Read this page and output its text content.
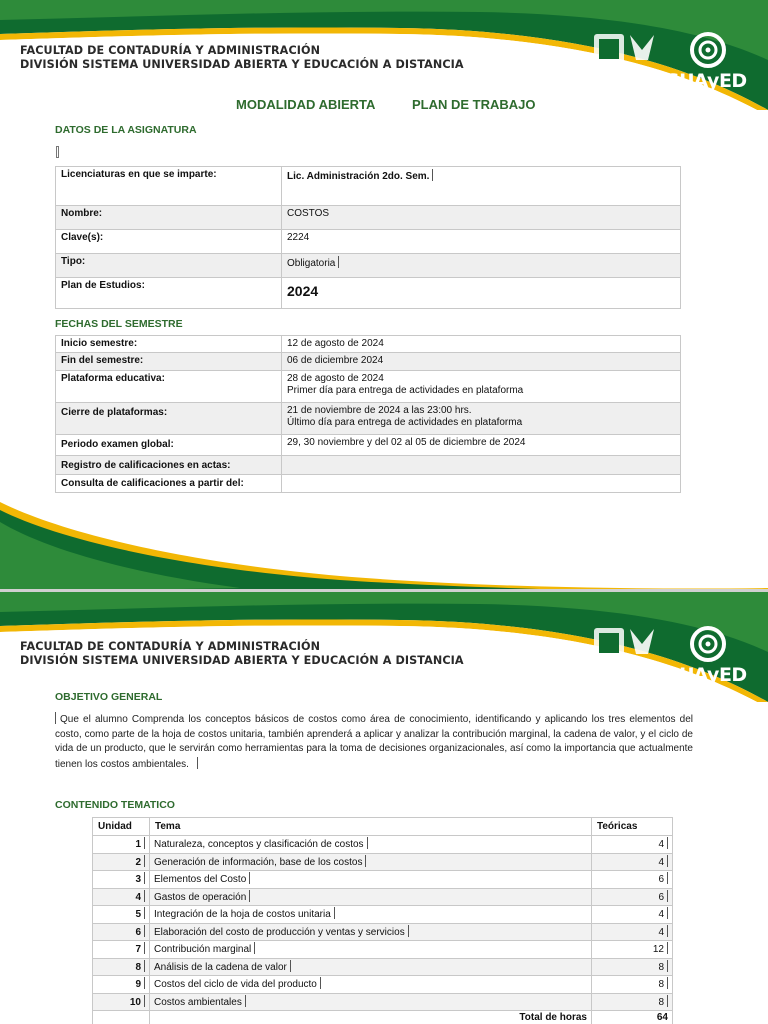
FACULTAD DE CONTADURÍA Y ADMINISTRACIÓN
DIVISIÓN SISTEMA UNIVERSIDAD ABIERTA Y EDUCACIÓN A DISTANCIA
SUAyED
MODALIDAD ABIERTA	PLAN DE TRABAJO
DATOS DE LA ASIGNATURA
Licenciaturas en que se imparte:	Lic. Administración 2do. Sem.
Nombre:	COSTOS
Clave(s):	2224
Tipo:	Obligatoria
Plan de Estudios:	2024
FECHAS DEL SEMESTRE
Inicio semestre:	12 de agosto de 2024
Fin del semestre:	06 de diciembre 2024
Plataforma educativa:	28 de agosto de 2024
Primer día para entrega de actividades en plataforma

Cierre de plataformas:	21 de noviembre de 2024 a las 23:00 hrs.
Último día para entrega de actividades en plataforma

Periodo examen global:	29, 30 noviembre y del 02 al 05 de diciembre de 2024
Registro de calificaciones en actas:	
Consulta de calificaciones a partir del:	
FACULTAD DE CONTADURÍA Y ADMINISTRACIÓN
DIVISIÓN SISTEMA UNIVERSIDAD ABIERTA Y EDUCACIÓN A DISTANCIA
SUAyED
OBJETIVO GENERAL
Que el alumno Comprenda los conceptos básicos de costos como área de conocimiento, identificando y aplicando los tres elementos del costo, como parte de la hoja de costos unitaria, también aprenderá a aplicar y analizar la contribución marginal, la cadena de valor, y el ciclo de vida de un producto, que le servirán como herramientas para la toma de decisiones organizacionales, así como la importancia que actualmente tienen los costos ambientales.
CONTENIDO TEMATICO
Unidad	Tema	Teóricas
1	Naturaleza, conceptos y clasificación de costos	4
2	Generación de información, base de los costos	4
3	Elementos del Costo	6
4	Gastos de operación	6
5	Integración de la hoja de costos unitaria	4
6	Elaboración del costo de producción y ventas y servicios	4
7	Contribución marginal	12
8	Análisis de la cadena de valor	8
9	Costos del ciclo de vida del producto	8
10	Costos ambientales	8
	Total de horas	64
